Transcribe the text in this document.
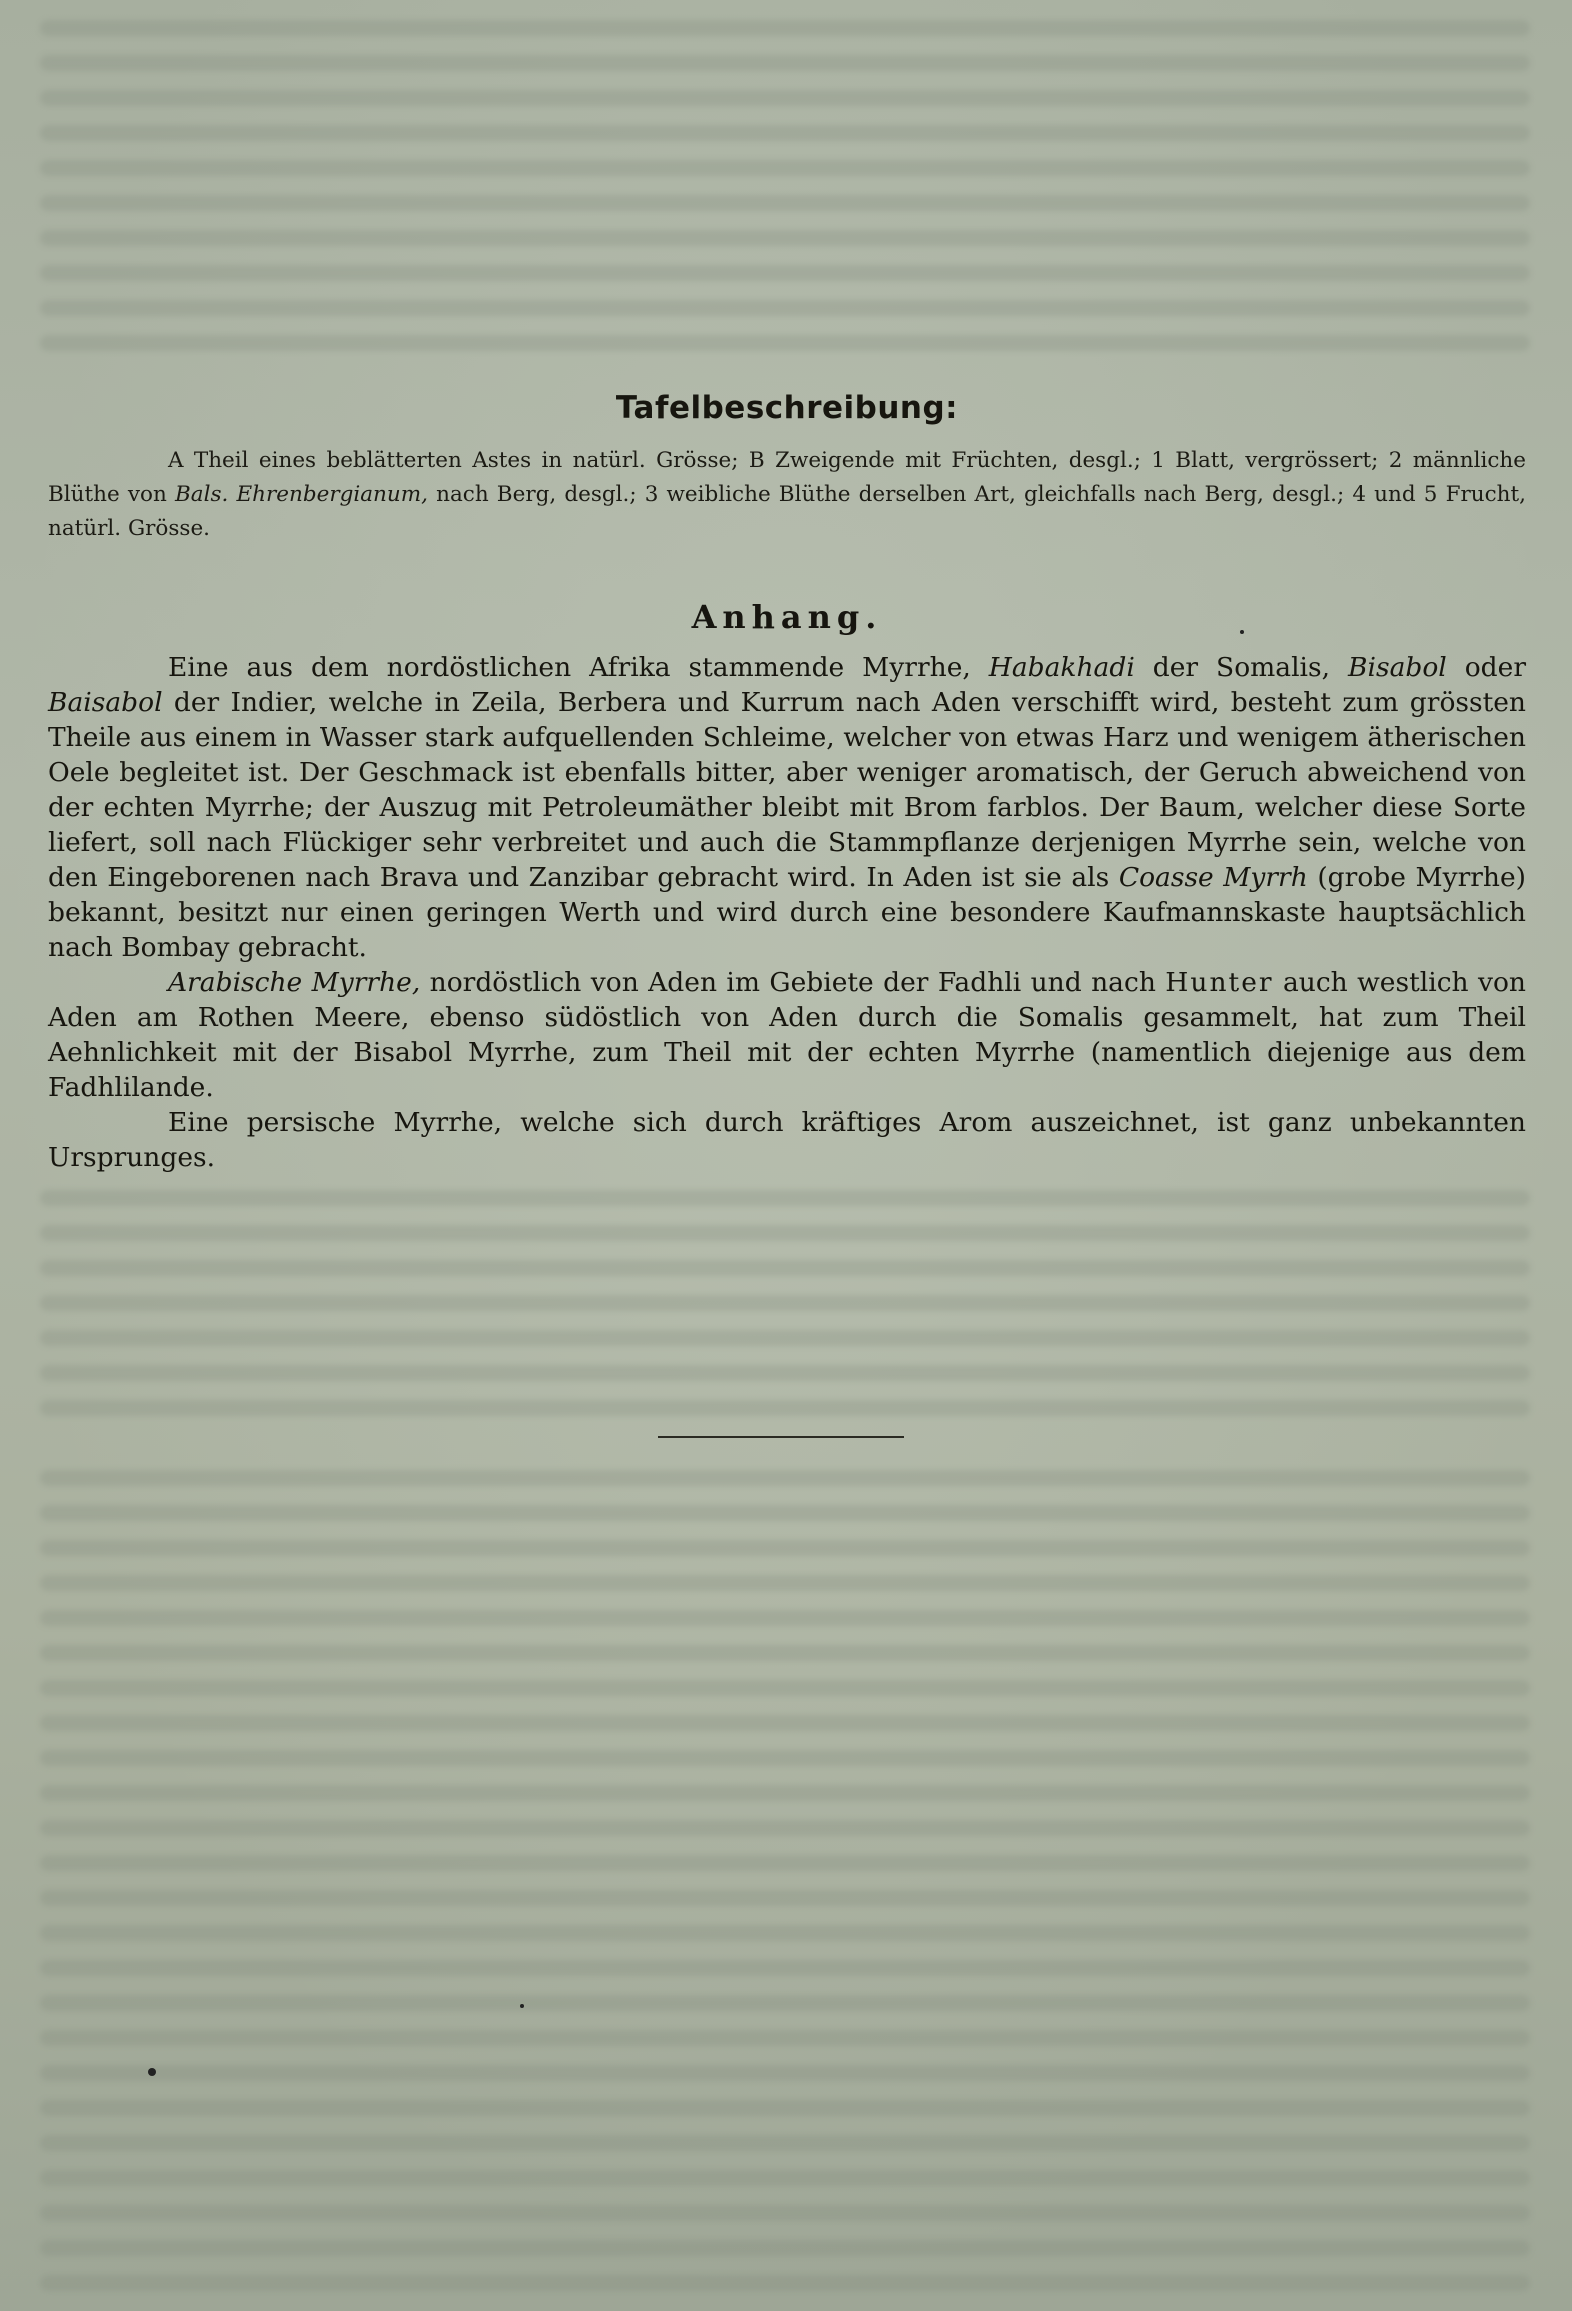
Tafelbeschreibung:

A Theil eines beblätterten Astes in natürl. Grösse; B Zweigende mit Früchten, desgl.; 1 Blatt, vergrössert; 2 männliche Blüthe von Bals. Ehrenbergianum, nach Berg, desgl.; 3 weibliche Blüthe derselben Art, gleichfalls nach Berg, desgl.; 4 und 5 Frucht, natürl. Grösse.

Anhang.

Eine aus dem nordöstlichen Afrika stammende Myrrhe, Habakhadi der Somalis, Bisabol oder Baisabol der Indier, welche in Zeila, Berbera und Kurrum nach Aden verschifft wird, besteht zum grössten Theile aus einem in Wasser stark aufquellenden Schleime, welcher von etwas Harz und wenigem ätherischen Oele begleitet ist. Der Geschmack ist ebenfalls bitter, aber weniger aromatisch, der Geruch abweichend von der echten Myrrhe; der Auszug mit Petroleumäther bleibt mit Brom farblos. Der Baum, welcher diese Sorte liefert, soll nach Flückiger sehr verbreitet und auch die Stammpflanze derjenigen Myrrhe sein, welche von den Eingeborenen nach Brava und Zanzibar gebracht wird. In Aden ist sie als Coasse Myrrh (grobe Myrrhe) bekannt, besitzt nur einen geringen Werth und wird durch eine besondere Kaufmannskaste hauptsächlich nach Bombay gebracht.

Arabische Myrrhe, nordöstlich von Aden im Gebiete der Fadhli und nach Hunter auch westlich von Aden am Rothen Meere, ebenso südöstlich von Aden durch die Somalis gesammelt, hat zum Theil Aehnlichkeit mit der Bisabol Myrrhe, zum Theil mit der echten Myrrhe (namentlich diejenige aus dem Fadhlilande.

Eine persische Myrrhe, welche sich durch kräftiges Arom auszeichnet, ist ganz unbekannten Ursprunges.
